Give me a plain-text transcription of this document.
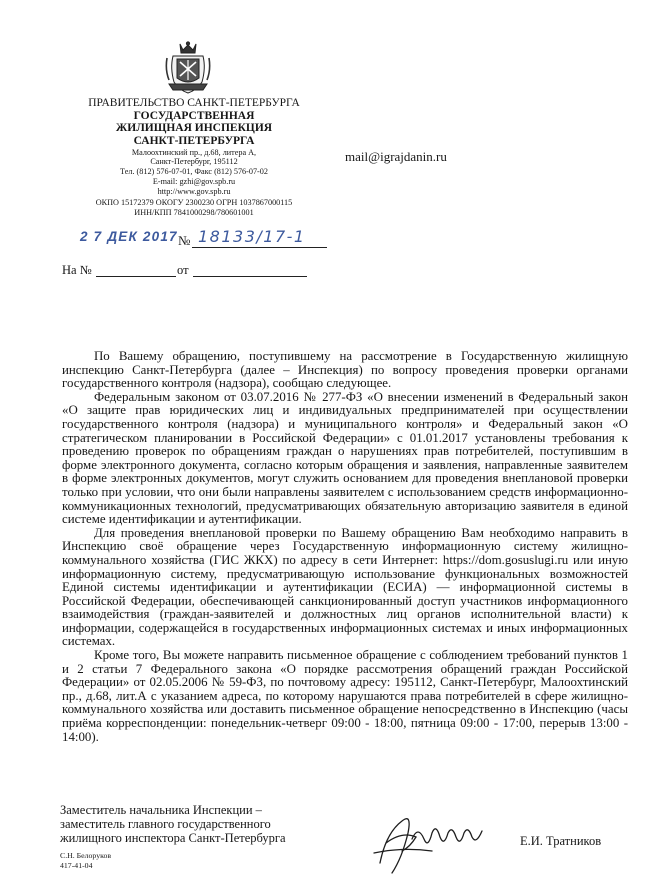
ПРАВИТЕЛЬСТВО САНКТ-ПЕТЕРБУРГА
ГОСУДАРСТВЕННАЯ
ЖИЛИЩНАЯ ИНСПЕКЦИЯ
САНКТ-ПЕТЕРБУРГА
Малоохтинский пр., д.68, литера А,
Санкт-Петербург, 195112
Тел. (812) 576-07-01, Факс (812) 576-07-02
E-mail: gzhi@gov.spb.ru
http://www.gov.spb.ru
ОКПО 15172379 ОКОГУ 2300230 ОГРН 1037867000115
ИНН/КПП 7841000298/780601001
mail@igrajdanin.ru
2 7 ДЕК 2017 № 18133/17-1
На №	от

По Вашему обращению, поступившему на рассмотрение в Государственную жилищную инспекцию Санкт-Петербурга (далее – Инспекция) по вопросу проведения проверки органами государственного контроля (надзора), сообщаю следующее.

Федеральным законом от 03.07.2016 № 277-ФЗ «О внесении изменений в Федеральный закон «О защите прав юридических лиц и индивидуальных предпринимателей при осуществлении государственного контроля (надзора) и муниципального контроля» и Федеральный закон «О стратегическом планировании в Российской Федерации» с 01.01.2017 установлены требования к проведению проверок по обращениям граждан о нарушениях прав потребителей, поступившим в форме электронного документа, согласно которым обращения и заявления, направленные заявителем в форме электронных документов, могут служить основанием для проведения внеплановой проверки только при условии, что они были направлены заявителем с использованием средств информационно-коммуникационных технологий, предусматривающих обязательную авторизацию заявителя в единой системе идентификации и аутентификации.

Для проведения внеплановой проверки по Вашему обращению Вам необходимо направить в Инспекцию своё обращение через Государственную информационную систему жилищно-коммунального хозяйства (ГИС ЖКХ) по адресу в сети Интернет: https://dom.gosuslugi.ru или иную информационную систему, предусматривающую использование функциональных возможностей Единой системы идентификации и аутентификации (ЕСИА) — информационной системы в Российской Федерации, обеспечивающей санкционированный доступ участников информационного взаимодействия (граждан-заявителей и должностных лиц органов исполнительной власти) к информации, содержащейся в государственных информационных системах и иных информационных системах.

Кроме того, Вы можете направить письменное обращение с соблюдением требований пунктов 1 и 2 статьи 7 Федерального закона «О порядке рассмотрения обращений граждан Российской Федерации» от 02.05.2006 № 59-ФЗ, по почтовому адресу: 195112, Санкт-Петербург, Малоохтинский пр., д.68, лит.А с указанием адреса, по которому нарушаются права потребителей в сфере жилищно-коммунального хозяйства или доставить письменное обращение непосредственно в Инспекцию (часы приёма корреспонденции: понедельник-четверг 09:00 - 18:00, пятница 09:00 - 17:00, перерыв 13:00 - 14:00).

Заместитель начальника Инспекции –
заместитель главного государственного
жилищного инспектора Санкт-Петербурга	Е.И. Тратников
С.Н. Белоруков
417-41-04
